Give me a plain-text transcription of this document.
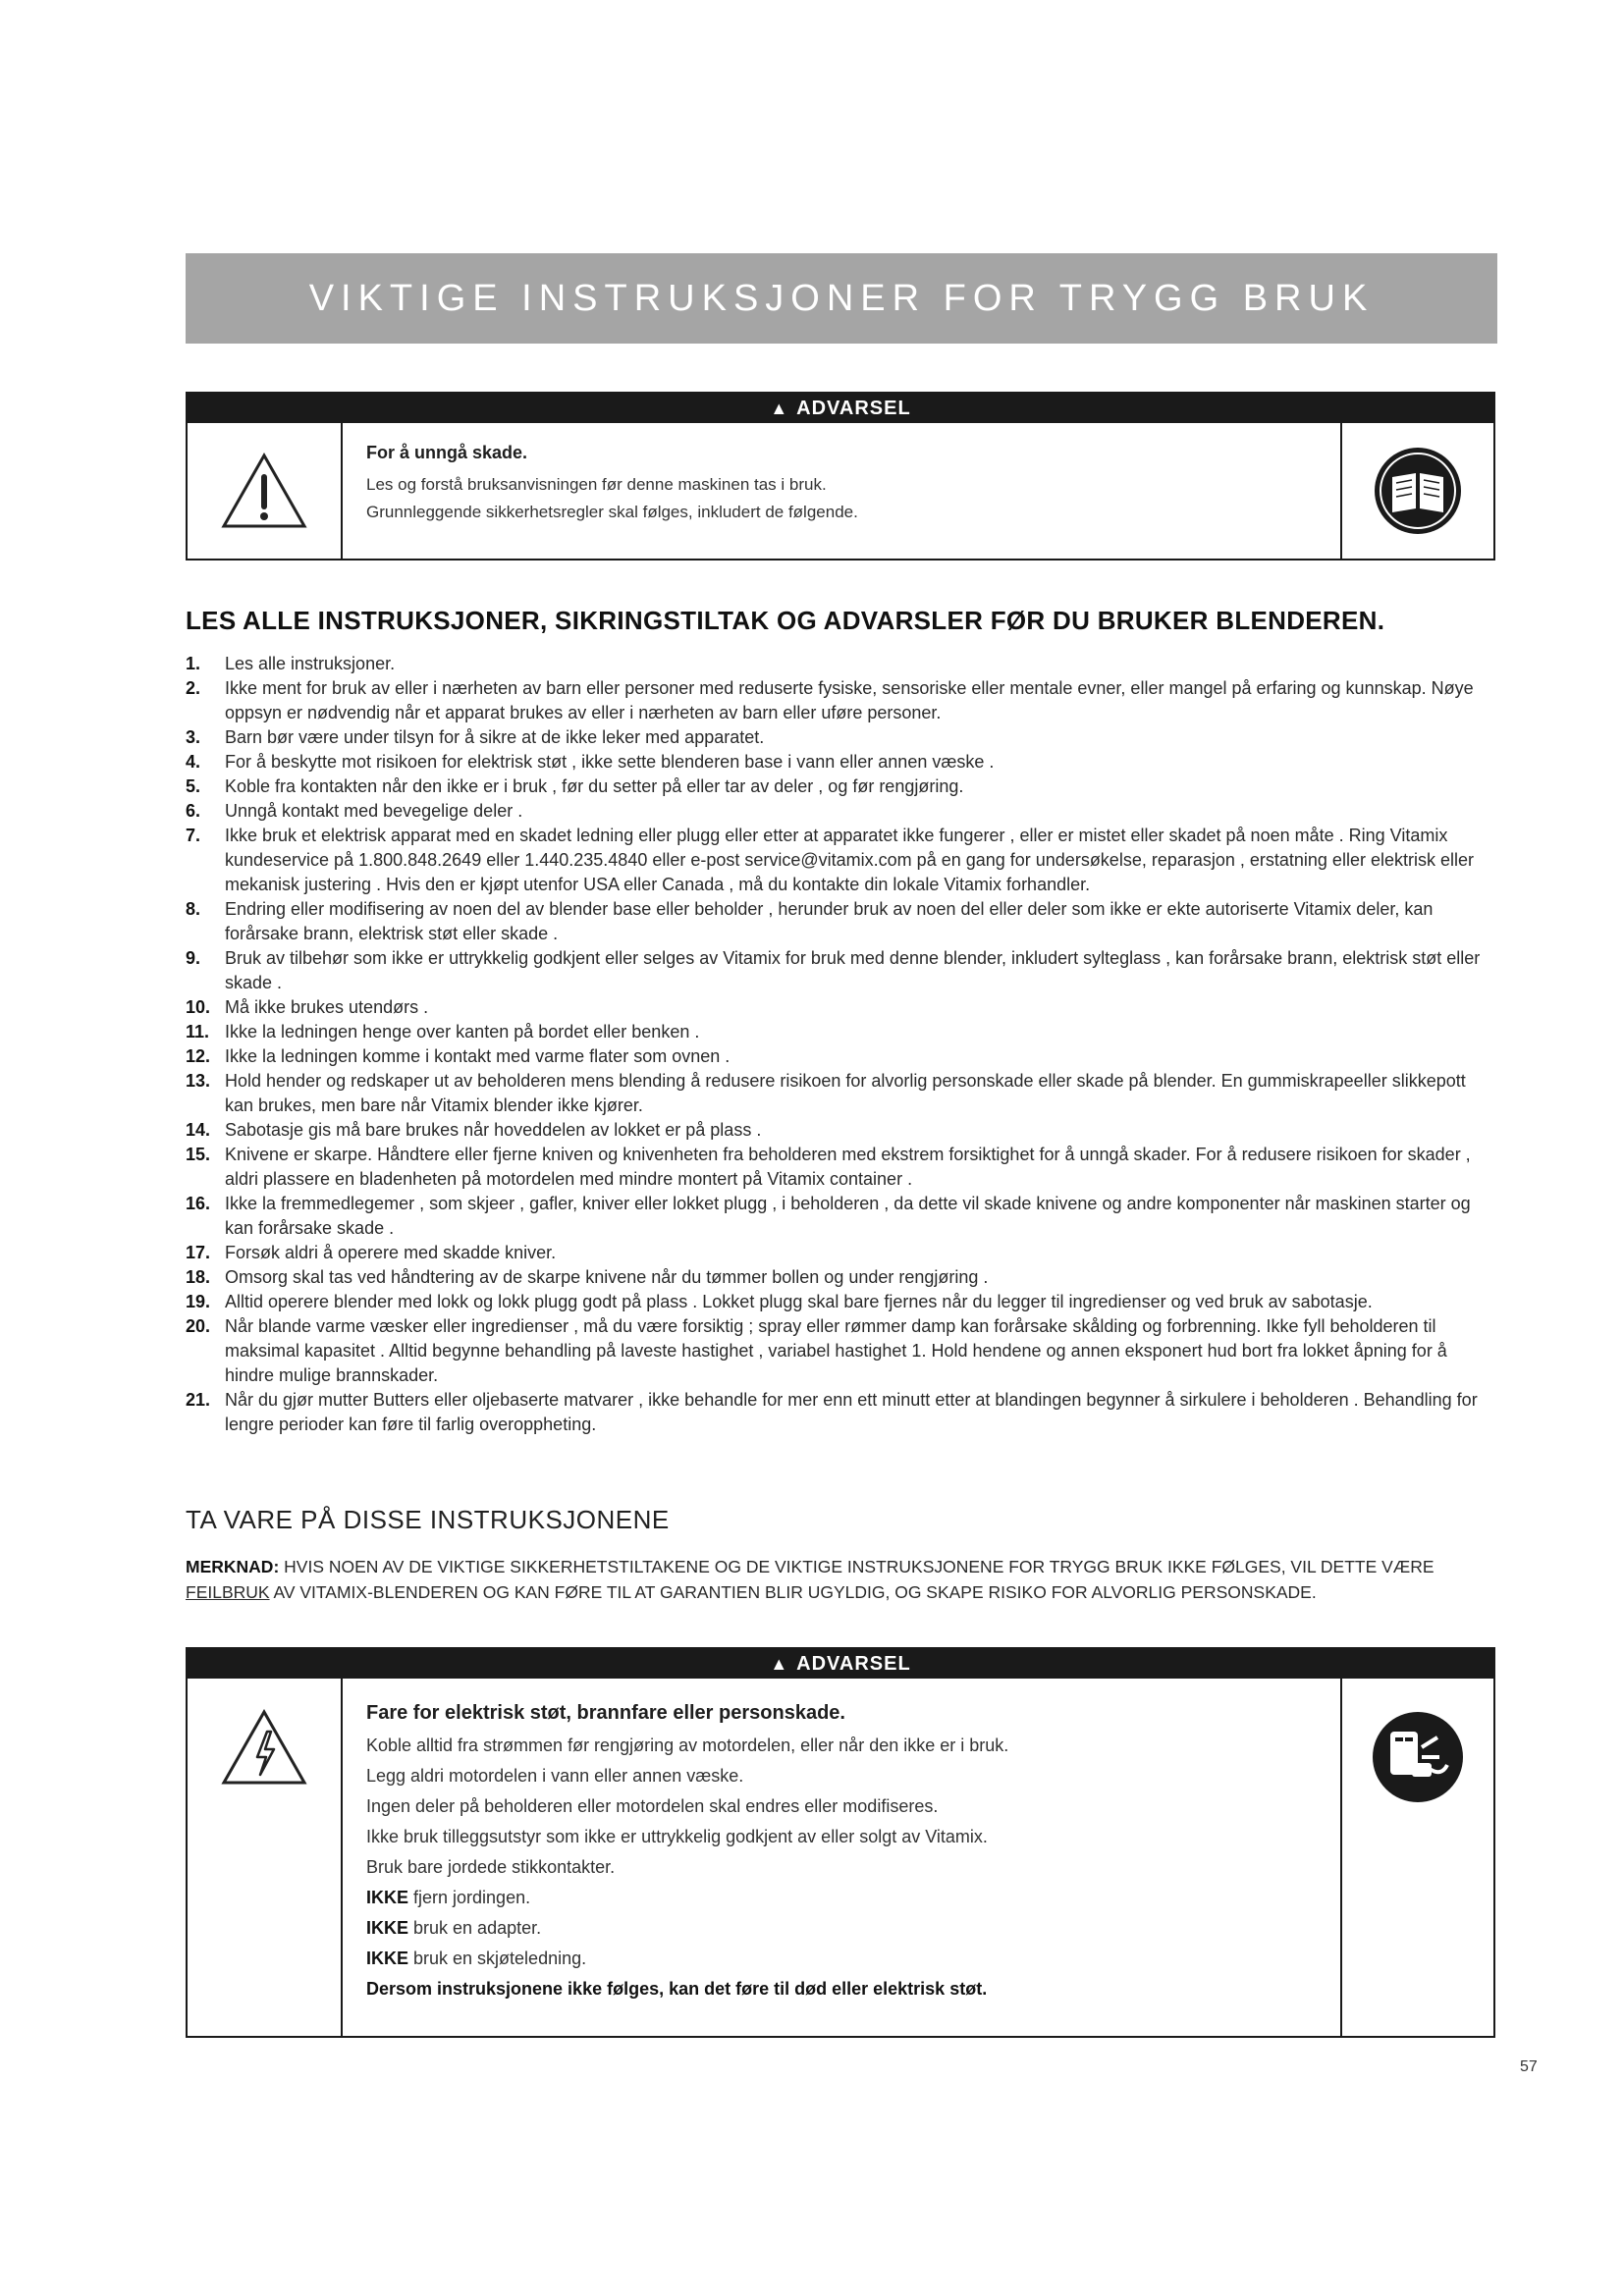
VIKTIGE INSTRUKSJONER FOR TRYGG BRUK
▲ ADVARSEL
For å unngå skade.
Les og forstå bruksanvisningen før denne maskinen tas i bruk.
Grunnleggende sikkerhetsregler skal følges, inkludert de følgende.
LES ALLE INSTRUKSJONER, SIKRINGSTILTAK OG ADVARSLER FØR DU BRUKER BLENDEREN.
1.	Les alle instruksjoner.
2.	Ikke ment for bruk av eller i nærheten av barn eller personer med reduserte fysiske, sensoriske eller mentale evner, eller mangel på erfaring og kunnskap. Nøye oppsyn er nødvendig når et apparat brukes av eller i nærheten av barn eller uføre personer.
3.	Barn bør være under tilsyn for å sikre at de ikke leker med apparatet.
4.	For å beskytte mot risikoen for elektrisk støt , ikke sette blenderen base i vann eller annen væske .
5.	Koble fra kontakten når den ikke er i bruk , før du setter på eller tar av deler , og før rengjøring.
6.	Unngå kontakt med bevegelige deler .
7.	Ikke bruk et elektrisk apparat med en skadet ledning eller plugg eller etter at apparatet ikke fungerer , eller er mistet eller skadet på noen måte . Ring Vitamix kundeservice på 1.800.848.2649 eller 1.440.235.4840 eller e-post service@vitamix.com på en gang for undersøkelse, reparasjon , erstatning eller elektrisk eller mekanisk justering . Hvis den er kjøpt utenfor USA eller Canada , må du kontakte din lokale Vitamix forhandler.
8.	Endring eller modifisering av noen del av blender base eller beholder , herunder bruk av noen del eller deler som ikke er ekte autoriserte Vitamix deler, kan forårsake brann, elektrisk støt eller skade .
9.	Bruk av tilbehør som ikke er uttrykkelig godkjent eller selges av Vitamix for bruk med denne blender, inkludert sylteglass , kan forårsake brann, elektrisk støt eller skade .
10. Må ikke brukes utendørs .
11. Ikke la ledningen henge over kanten på bordet eller benken .
12. Ikke la ledningen komme i kontakt med varme flater som ovnen .
13. Hold hender og redskaper ut av beholderen mens blending å redusere risikoen for alvorlig personskade eller skade på blender. En gummiskrapeeller slikkepott kan brukes, men bare når Vitamix blender ikke kjører.
14. Sabotasje gis må bare brukes når hoveddelen av lokket er på plass .
15. Knivene er skarpe. Håndtere eller fjerne kniven og knivenheten fra beholderen med ekstrem forsiktighet for å unngå skader. For å redusere risikoen for skader , aldri plassere en bladenheten på motordelen med mindre montert på Vitamix container .
16. Ikke la fremmedlegemer , som skjeer , gafler, kniver eller lokket plugg , i beholderen , da dette vil skade knivene og andre komponenter når maskinen starter og kan forårsake skade .
17. Forsøk aldri å operere med skadde kniver.
18. Omsorg skal tas ved håndtering av de skarpe knivene når du tømmer bollen og under rengjøring .
19. Alltid operere blender med lokk og lokk plugg godt på plass . Lokket plugg skal bare fjernes når du legger til ingredienser og ved bruk av sabotasje.
20. Når blande varme væsker eller ingredienser , må du være forsiktig ; spray eller rømmer damp kan forårsake skålding og forbrenning. Ikke fyll beholderen til maksimal kapasitet . Alltid begynne behandling på laveste hastighet , variabel hastighet 1. Hold hendene og annen eksponert hud bort fra lokket åpning for å hindre mulige brannskader.
21. Når du gjør mutter Butters eller oljebaserte matvarer , ikke behandle for mer enn ett minutt etter at blandingen begynner å sirkulere i beholderen . Behandling for lengre perioder kan føre til farlig overoppheting.
TA VARE PÅ DISSE INSTRUKSJONENE
MERKNAD: HVIS NOEN AV DE VIKTIGE SIKKERHETSTILTAKENE OG DE VIKTIGE INSTRUKSJONENE FOR TRYGG BRUK IKKE FØLGES, VIL DETTE VÆRE FEILBRUK AV VITAMIX-BLENDEREN OG KAN FØRE TIL AT GARANTIEN BLIR UGYLDIG, OG SKAPE RISIKO FOR ALVORLIG PERSONSKADE.
▲ ADVARSEL
Fare for elektrisk støt, brannfare eller personskade.
Koble alltid fra strømmen før rengjøring av motordelen, eller når den ikke er i bruk.
Legg aldri motordelen i vann eller annen væske.
Ingen deler på beholderen eller motordelen skal endres eller modifiseres.
Ikke bruk tilleggsutstyr som ikke er uttrykkelig godkjent av eller solgt av Vitamix.
Bruk bare jordede stikkontakter.
IKKE fjern jordingen.
IKKE bruk en adapter.
IKKE bruk en skjøteledning.
Dersom instruksjonene ikke følges, kan det føre til død eller elektrisk støt.
57
